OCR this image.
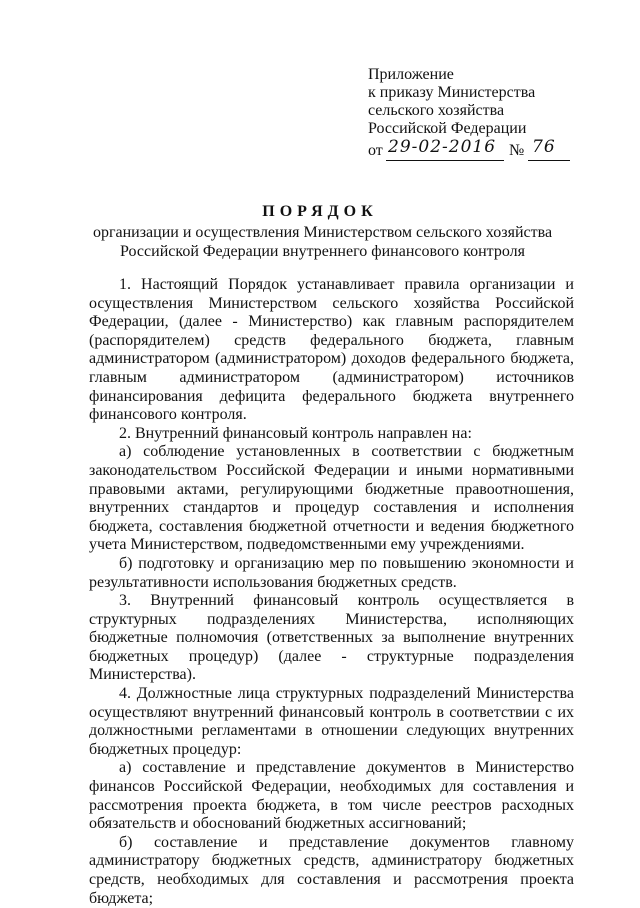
Приложение
к приказу Министерства
сельского хозяйства
Российской Федерации
от 29-02-2016 № 76
ПОРЯДОК
организации и осуществления Министерством сельского хозяйства Российской Федерации внутреннего финансового контроля

1. Настоящий Порядок устанавливает правила организации и осуществления Министерством сельского хозяйства Российской Федерации, (далее - Министерство) как главным распорядителем (распорядителем) средств федерального бюджета, главным администратором (администратором) доходов федерального бюджета, главным администратором (администратором) источников финансирования дефицита федерального бюджета внутреннего финансового контроля.

2. Внутренний финансовый контроль направлен на:

а) соблюдение установленных в соответствии с бюджетным законодательством Российской Федерации и иными нормативными правовыми актами, регулирующими бюджетные правоотношения, внутренних стандартов и процедур составления и исполнения бюджета, составления бюджетной отчетности и ведения бюджетного учета Министерством, подведомственными ему учреждениями.

б) подготовку и организацию мер по повышению экономности и результативности использования бюджетных средств.

3. Внутренний финансовый контроль осуществляется в структурных подразделениях Министерства, исполняющих бюджетные полномочия (ответственных за выполнение внутренних бюджетных процедур) (далее - структурные подразделения Министерства).

4. Должностные лица структурных подразделений Министерства осуществляют внутренний финансовый контроль в соответствии с их должностными регламентами в отношении следующих внутренних бюджетных процедур:

а) составление и представление документов в Министерство финансов Российской Федерации, необходимых для составления и рассмотрения проекта бюджета, в том числе реестров расходных обязательств и обоснований бюджетных ассигнований;

б) составление и представление документов главному администратору бюджетных средств, администратору бюджетных средств, необходимых для составления и рассмотрения проекта бюджета;
